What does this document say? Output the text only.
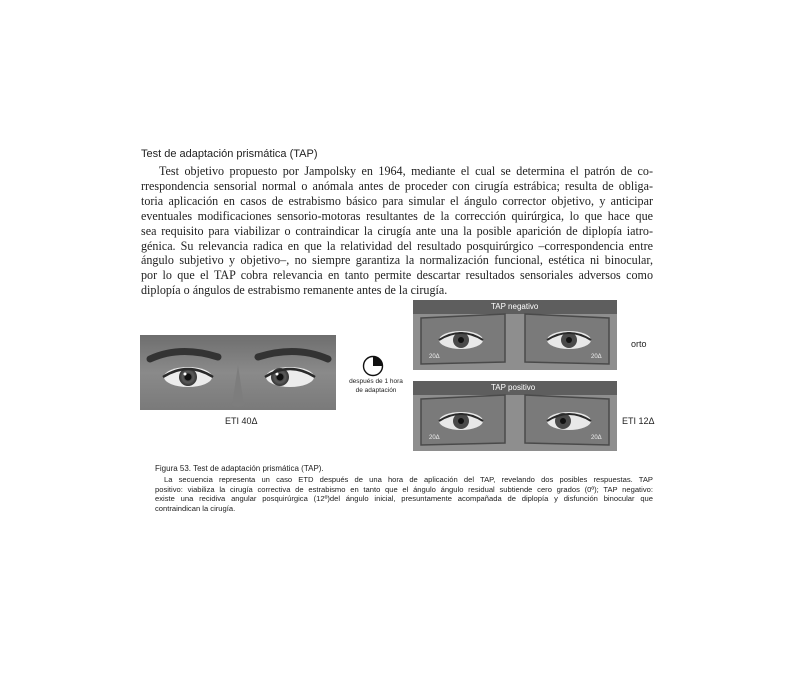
Test de adaptación prismática (TAP)
Test objetivo propuesto por Jampolsky en 1964, mediante el cual se determina el patrón de co-
rrespondencia sensorial normal o anómala antes de proceder con cirugía estrábica; resulta de obliga-
toria aplicación en casos de estrabismo básico para simular el ángulo corrector objetivo, y anticipar
eventuales modificaciones sensorio-motoras resultantes de la corrección quirúrgica, lo que hace que
sea requisito para viabilizar o contraindicar la cirugía ante una la posible aparición de diplopía iatro-
génica. Su relevancia radica en que la relatividad del resultado posquirúrgico –correspondencia entre
ángulo subjetivo y objetivo–, no siempre garantiza la normalización funcional, estética ni binocular,
por lo que el TAP cobra relevancia en tanto permite descartar resultados sensoriales adversos como
diplopía o ángulos de estrabismo remanente antes de la cirugía.
ETI 40Δ
después de 1 hora
de adaptación
TAP negativo
20Δ	20Δ
orto
TAP positivo
20Δ	20Δ
ETI 12Δ
Figura 53. Test de adaptación prismática (TAP).
La secuencia representa un caso ETD después de una hora de aplicación del TAP, revelando dos posibles respuestas. TAP
positivo: viabiliza la cirugía correctiva de estrabismo en tanto que el ángulo ángulo residual subtiende cero grados (0º); TAP negativo:
existe una recidiva angular posquirúrgica (12º)del ángulo inicial, presuntamente acompañada de diplopía y disfunción binocular que
contraindican la cirugía.
